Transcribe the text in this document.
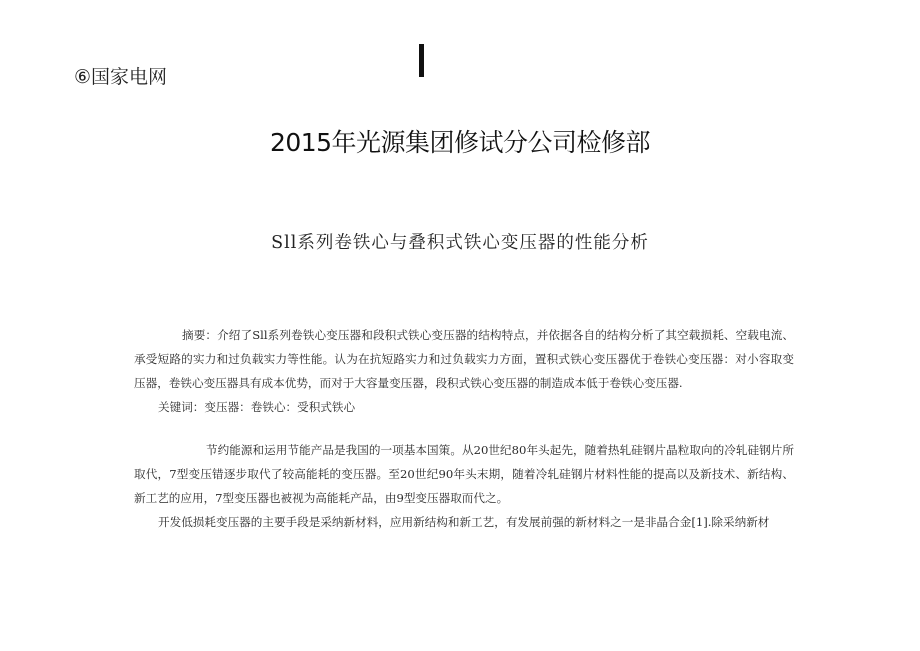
⑥国家电网
2015年光源集团修试分公司检修部
Sll系列卷铁心与叠积式铁心变压器的性能分析

摘要：介绍了Sll系列卷铁心变压器和段积式铁心变压器的结构特点，并依据各自的结构分析了其空载损耗、空载电流、承受短路的实力和过负载实力等性能。认为在抗短路实力和过负载实力方面，置积式铁心变压器优于卷铁心变压器：对小容取变压器，卷铁心变压器具有成本优势，而对于大容量变压器，段积式铁心变压器的制造成本低于卷铁心变压器.

关键词：变压器：卷铁心：受积式铁心

节约能源和运用节能产品是我国的一项基本国策。从20世纪80年头起先，随着热轧硅钢片晶粒取向的冷轧硅钢片所取代，7型变压错逐步取代了较高能耗的变压器。至20世纪90年头末期，随着冷轧硅钢片材料性能的提高以及新技术、新结构、新工艺的应用，7型变压器也被视为高能耗产品，由9型变压器取而代之。

开发低损耗变压器的主要手段是采纳新材料，应用新结构和新工艺，有发展前强的新材料之一是非晶合金[1].除采纳新材
